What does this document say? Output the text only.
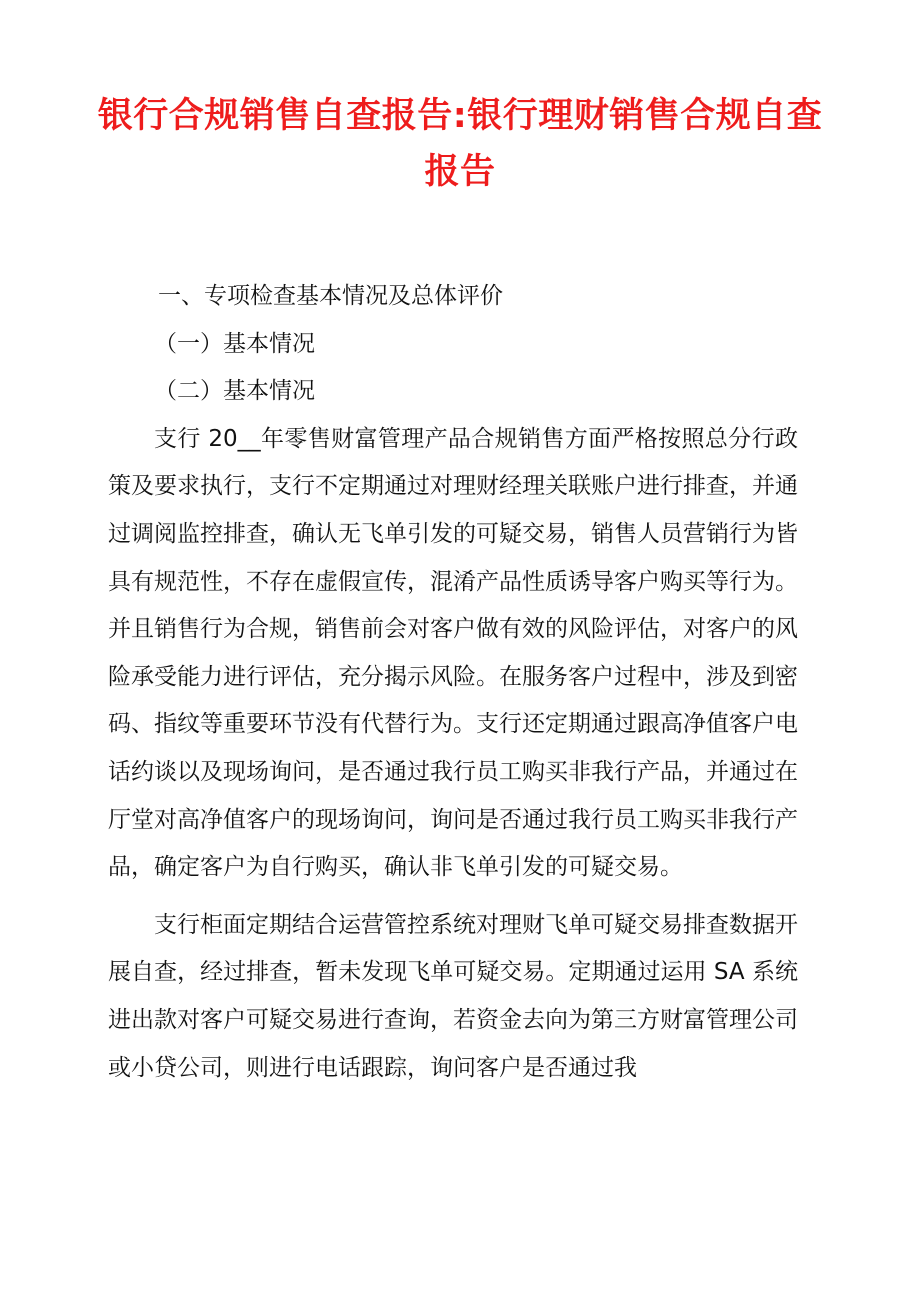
银行合规销售自查报告:银行理财销售合规自查
报告

一、专项检查基本情况及总体评价

（一）基本情况

（二）基本情况

支行 20__年零售财富管理产品合规销售方面严格按照总分行政策及要求执行，支行不定期通过对理财经理关联账户进行排查，并通过调阅监控排查，确认无飞单引发的可疑交易，销售人员营销行为皆具有规范性，不存在虚假宣传，混淆产品性质诱导客户购买等行为。并且销售行为合规，销售前会对客户做有效的风险评估，对客户的风险承受能力进行评估，充分揭示风险。在服务客户过程中，涉及到密码、指纹等重要环节没有代替行为。支行还定期通过跟高净值客户电话约谈以及现场询问，是否通过我行员工购买非我行产品，并通过在厅堂对高净值客户的现场询问，询问是否通过我行员工购买非我行产品，确定客户为自行购买，确认非飞单引发的可疑交易。

支行柜面定期结合运营管控系统对理财飞单可疑交易排查数据开展自查，经过排查，暂未发现飞单可疑交易。定期通过运用 SA 系统进出款对客户可疑交易进行查询，若资金去向为第三方财富管理公司或小贷公司，则进行电话跟踪，询问客户是否通过我
